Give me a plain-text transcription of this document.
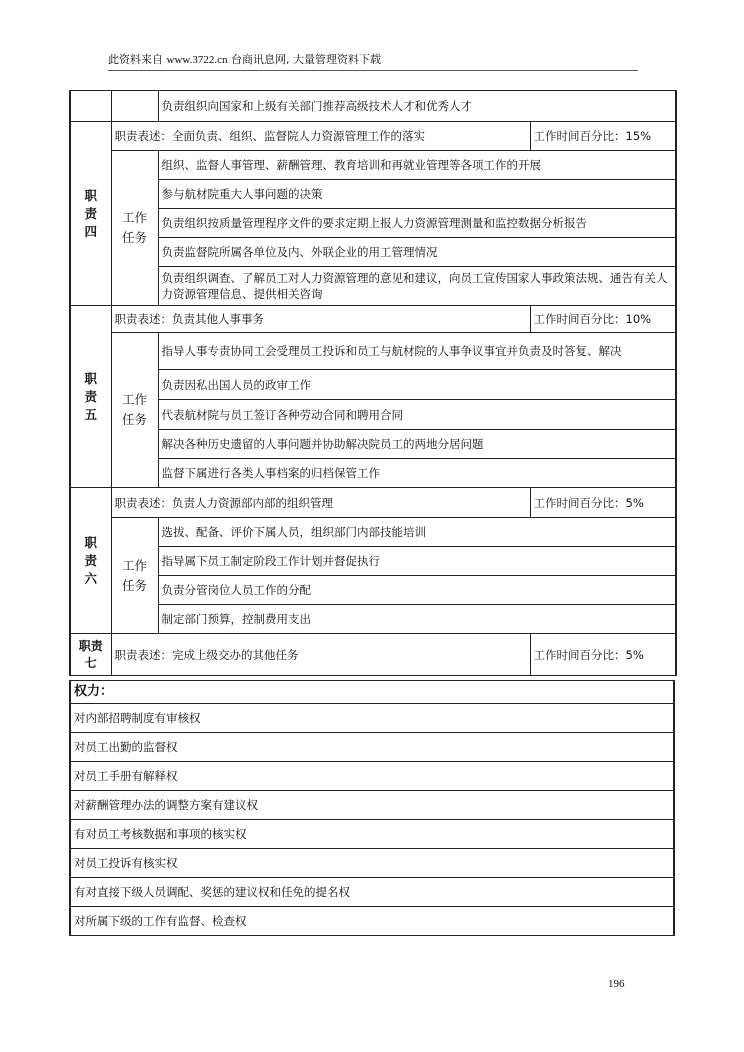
此资料来自 www.3722.cn 台商讯息网, 大量管理资料下载
		负责组织向国家和上级有关部门推荐高级技术人才和优秀人才	
职
责
四	职责表述：全面负责、组织、监督院人力资源管理工作的落实		工作时间百分比：15%
	工作
任务	组织、监督人事管理、薪酬管理、教育培训和再就业管理等各项工作的开展	
		参与航材院重大人事问题的决策	
		负责组织按质量管理程序文件的要求定期上报人力资源管理测量和监控数据分析报告	
		负责监督院所属各单位及内、外联企业的用工管理情况	
		负责组织调查、了解员工对人力资源管理的意见和建议，向员工宣传国家人事政策法规、通告有关人力资源管理信息、提供相关咨询	
职
责
五	职责表述：负责其他人事事务		工作时间百分比：10%
	工作
任务	指导人事专责协同工会受理员工投诉和员工与航材院的人事争议事宜并负责及时答复、解决	
		负责因私出国人员的政审工作	
		代表航材院与员工签订各种劳动合同和聘用合同	
		解决各种历史遗留的人事问题并协助解决院员工的两地分居问题	
		监督下属进行各类人事档案的归档保管工作	
职
责
六	职责表述：负责人力资源部内部的组织管理		工作时间百分比：5%
	工作
任务	选拔、配备、评价下属人员，组织部门内部技能培训	
		指导属下员工制定阶段工作计划并督促执行	
		负责分管岗位人员工作的分配	
		制定部门预算，控制费用支出	
职责
七	职责表述：完成上级交办的其他任务		工作时间百分比：5%
权力：
对内部招聘制度有审核权
对员工出勤的监督权
对员工手册有解释权
对薪酬管理办法的调整方案有建议权
有对员工考核数据和事项的核实权
对员工投诉有核实权
有对直接下级人员调配、奖惩的建议权和任免的提名权
对所属下级的工作有监督、检查权
196
